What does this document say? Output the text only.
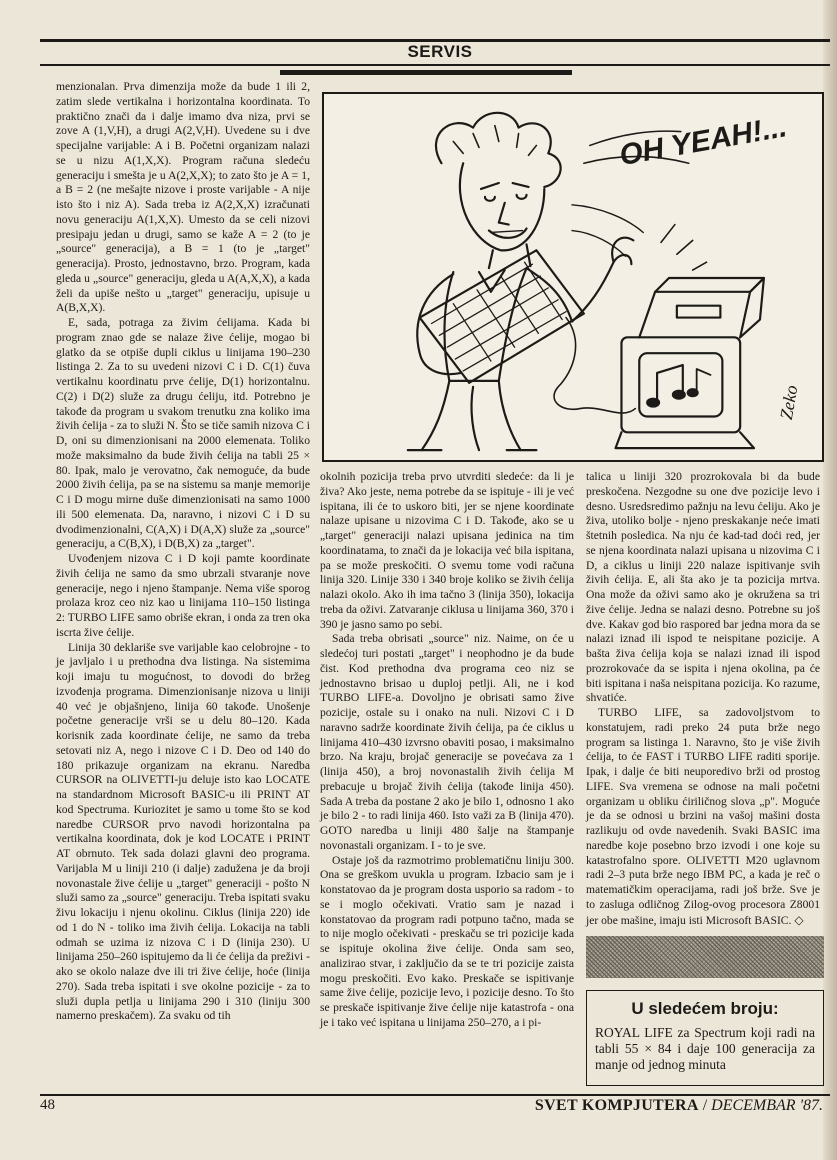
SERVIS

menzionalan. Prva dimenzija može da bude 1 ili 2, zatim slede vertikalna i horizontalna koordinata. To praktično znači da i dalje imamo dva niza, prvi se zove A (1,V,H), a drugi A(2,V,H). Uvedene su i dve specijalne varijable: A i B. Početni organizam nalazi se u nizu A(1,X,X). Program računa sledeću generaciju i smešta je u A(2,X,X); to zato što je A = 1, a B = 2 (ne mešajte nizove i proste varijable - A nije isto što i niz A). Sada treba iz A(2,X,X) izračunati novu generaciju A(1,X,X). Umesto da se celi nizovi presipaju jedan u drugi, samo se kaže A = 2 (to je „source" generacija), a B = 1 (to je „target" generacija). Prosto, jednostavno, brzo. Program, kada gleda u „source" generaciju, gleda u A(A,X,X), a kada želi da upiše nešto u „target" generaciju, upisuje u A(B,X,X).

E, sada, potraga za živim ćelijama. Kada bi program znao gde se nalaze žive ćelije, mogao bi glatko da se otpiše dupli ciklus u linijama 190–230 listinga 2. Za to su uvedeni nizovi C i D. C(1) čuva vertikalnu koordinatu prve ćelije, D(1) horizontalnu. C(2) i D(2) služe za drugu ćeliju, itd. Potrebno je takođe da program u svakom trenutku zna koliko ima živih ćelija - za to služi N. Što se tiče samih nizova C i D, oni su dimenzionisani na 2000 elemenata. Toliko može maksimalno da bude živih ćelija na tabli 25 × 80. Ipak, malo je verovatno, čak nemoguće, da bude 2000 živih ćelija, pa se na sistemu sa manje memorije C i D mogu mirne duše dimenzionisati na samo 1000 ili 500 elemenata. Da, naravno, i nizovi C i D su dvodimenzionalni, C(A,X) i D(A,X) služe za „source" generaciju, a C(B,X), i D(B,X) za „target".

Uvođenjem nizova C i D koji pamte koordinate živih ćelija ne samo da smo ubrzali stvaranje nove generacije, nego i njeno štampanje. Nema više sporog prolaza kroz ceo niz kao u linijama 110–150 listinga 2: TURBO LIFE samo obriše ekran, i onda za tren oka iscrta žive ćelije.

Linija 30 deklariše sve varijable kao celobrojne - to je javljalo i u prethodna dva listinga. Na sistemima koji imaju tu mogućnost, to dovodi do bržeg izvođenja programa. Dimenzionisanje nizova u liniji 40 već je objašnjeno, linija 60 takođe. Unošenje početne generacije vrši se u delu 80–120. Kada korisnik zada koordinate ćelije, ne samo da treba setovati niz A, nego i nizove C i D. Deo od 140 do 180 prikazuje organizam na ekranu. Naredba CURSOR na OLIVETTI-ju deluje isto kao LOCATE na standardnom Microsoft BASIC-u ili PRINT AT kod Spectruma. Kuriozitet je samo u tome što se kod naredbe CURSOR prvo navodi horizontalna pa vertikalna koordinata, dok je kod LOCATE i PRINT AT obrnuto. Tek sada dolazi glavni deo programa. Varijabla M u liniji 210 (i dalje) zadužena je da broji novonastale žive ćelije u „target" generaciji - pošto N služi samo za „source" generaciju. Treba ispitati svaku živu lokaciju i njenu okolinu. Ciklus (linija 220) ide od 1 do N - toliko ima živih ćelija. Lokacija na tabli odmah se uzima iz nizova C i D (linija 230). U linijama 250–260 ispitujemo da li će ćelija da preživi - ako se okolo nalaze dve ili tri žive ćelije, hoće (linija 270). Sada treba ispitati i sve okolne pozicije - za to služi dupla petlja u linijama 290 i 310 (liniju 300 namerno preskačem). Za svaku od tih

OH YEAH!...
Zeko

okolnih pozicija treba prvo utvrditi sledeće: da li je živa? Ako jeste, nema potrebe da se ispituje - ili je već ispitana, ili će to uskoro biti, jer se njene koordinate nalaze upisane u nizovima C i D. Takođe, ako se u „target" generaciji nalazi upisana jedinica na tim koordinatama, to znači da je lokacija već bila ispitana, pa se može preskočiti. O svemu tome vodi računa linija 320. Linije 330 i 340 broje koliko se živih ćelija nalazi okolo. Ako ih ima tačno 3 (linija 350), lokacija treba da oživi. Zatvaranje ciklusa u linijama 360, 370 i 390 je jasno samo po sebi.

Sada treba obrisati „source" niz. Naime, on će u sledećoj turi postati „target" i neophodno je da bude čist. Kod prethodna dva programa ceo niz se jednostavno brisao u duploj petlji. Ali, ne i kod TURBO LIFE-a. Dovoljno je obrisati samo žive pozicije, ostale su i onako na nuli. Nizovi C i D naravno sadrže koordinate živih ćelija, pa će ciklus u linijama 410–430 izvrsno obaviti posao, i maksimalno brzo. Na kraju, brojač generacije se povećava za 1 (linija 450), a broj novonastalih živih ćelija M prebacuje u brojač živih ćelija (takođe linija 450). Sada A treba da postane 2 ako je bilo 1, odnosno 1 ako je bilo 2 - to radi linija 460. Isto važi za B (linija 470). GOTO naredba u liniji 480 šalje na štampanje novonastali organizam. I - to je sve.

Ostaje još da razmotrimo problematičnu liniju 300. Ona se greškom uvukla u program. Izbacio sam je i konstatovao da je program dosta usporio sa radom - to se i moglo očekivati. Vratio sam je nazad i konstatovao da program radi potpuno tačno, mada se to nije moglo očekivati - preskaču se tri pozicije kada se ispituje okolina žive ćelije. Onda sam seo, analizirao stvar, i zaključio da se te tri pozicije zaista mogu preskočiti. Evo kako. Preskače se ispitivanje same žive ćelije, pozicije levo, i pozicije desno. To što se preskače ispitivanje žive ćelije nije katastrofa - ona je i tako već ispitana u linijama 250–270, a i pi-

talica u liniji 320 prozrokovala bi da bude preskočena. Nezgodne su one dve pozicije levo i desno. Usredsredimo pažnju na levu ćeliju. Ako je živa, utoliko bolje - njeno preskakanje neće imati štetnih posledica. Na nju će kad-tad doći red, jer se njena koordinata nalazi upisana u nizovima C i D, a ciklus u liniji 220 nalaze ispitivanje svih živih ćelija. E, ali šta ako je ta pozicija mrtva. Ona može da oživi samo ako je okružena sa tri žive ćelije. Jedna se nalazi desno. Potrebne su još dve. Kakav god bio raspored bar jedna mora da se nalazi iznad ili ispod te neispitane pozicije. A bašta živa ćelija koja se nalazi iznad ili ispod prozrokovaće da se ispita i njena okolina, pa će biti ispitana i naša neispitana pozicija. Ko razume, shvatiće.

TURBO LIFE, sa zadovoljstvom to konstatujem, radi preko 24 puta brže nego program sa listinga 1. Naravno, što je više živih ćelija, to će FAST i TURBO LIFE raditi sporije. Ipak, i dalje će biti neuporedivo brži od prostog LIFE. Sva vremena se odnose na mali početni organizam u obliku ćiriličnog slova „p". Moguće je da se odnosi u brzini na vašoj mašini dosta razlikuju od ovde navedenih. Svaki BASIC ima naredbe koje posebno brzo izvodi i one koje su katastrofalno spore. OLIVETTI M20 uglavnom radi 2–3 puta brže nego IBM PC, a kada je reč o matematičkim operacijama, radi još brže. Sve je to zasluga odličnog Zilog-ovog procesora Z8001 jer obe mašine, imaju isti Microsoft BASIC. ◇

U sledećem broju:
ROYAL LIFE za Spectrum koji radi na tabli 55 × 84 i daje 100 generacija za manje od jednog minuta
48	SVET KOMPJUTERA / DECEMBAR '87.
